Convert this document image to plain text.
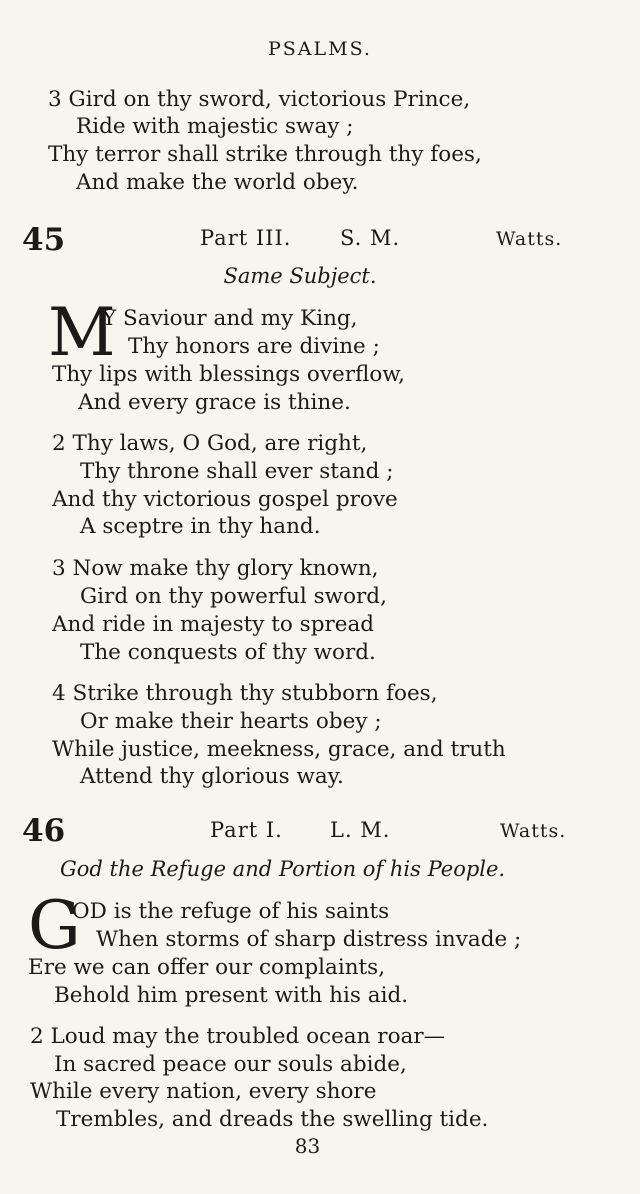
PSALMS.
3 Gird on thy sword, victorious Prince,
Ride with majestic sway ;
Thy terror shall strike through thy foes,
And make the world obey.
45	Part III. S. M.	Watts.
Same Subject.
M
Y Saviour and my King,
Thy honors are divine ;
Thy lips with blessings overflow,
And every grace is thine.
2 Thy laws, O God, are right,
Thy throne shall ever stand ;
And thy victorious gospel prove
A sceptre in thy hand.
3 Now make thy glory known,
Gird on thy powerful sword,
And ride in majesty to spread
The conquests of thy word.
4 Strike through thy stubborn foes,
Or make their hearts obey ;
While justice, meekness, grace, and truth
Attend thy glorious way.
46	Part I. L. M.	Watts.
God the Refuge and Portion of his People.
G
OD is the refuge of his saints
When storms of sharp distress invade ;
Ere we can offer our complaints,
Behold him present with his aid.
2 Loud may the troubled ocean roar—
In sacred peace our souls abide,
While every nation, every shore
Trembles, and dreads the swelling tide.
83
